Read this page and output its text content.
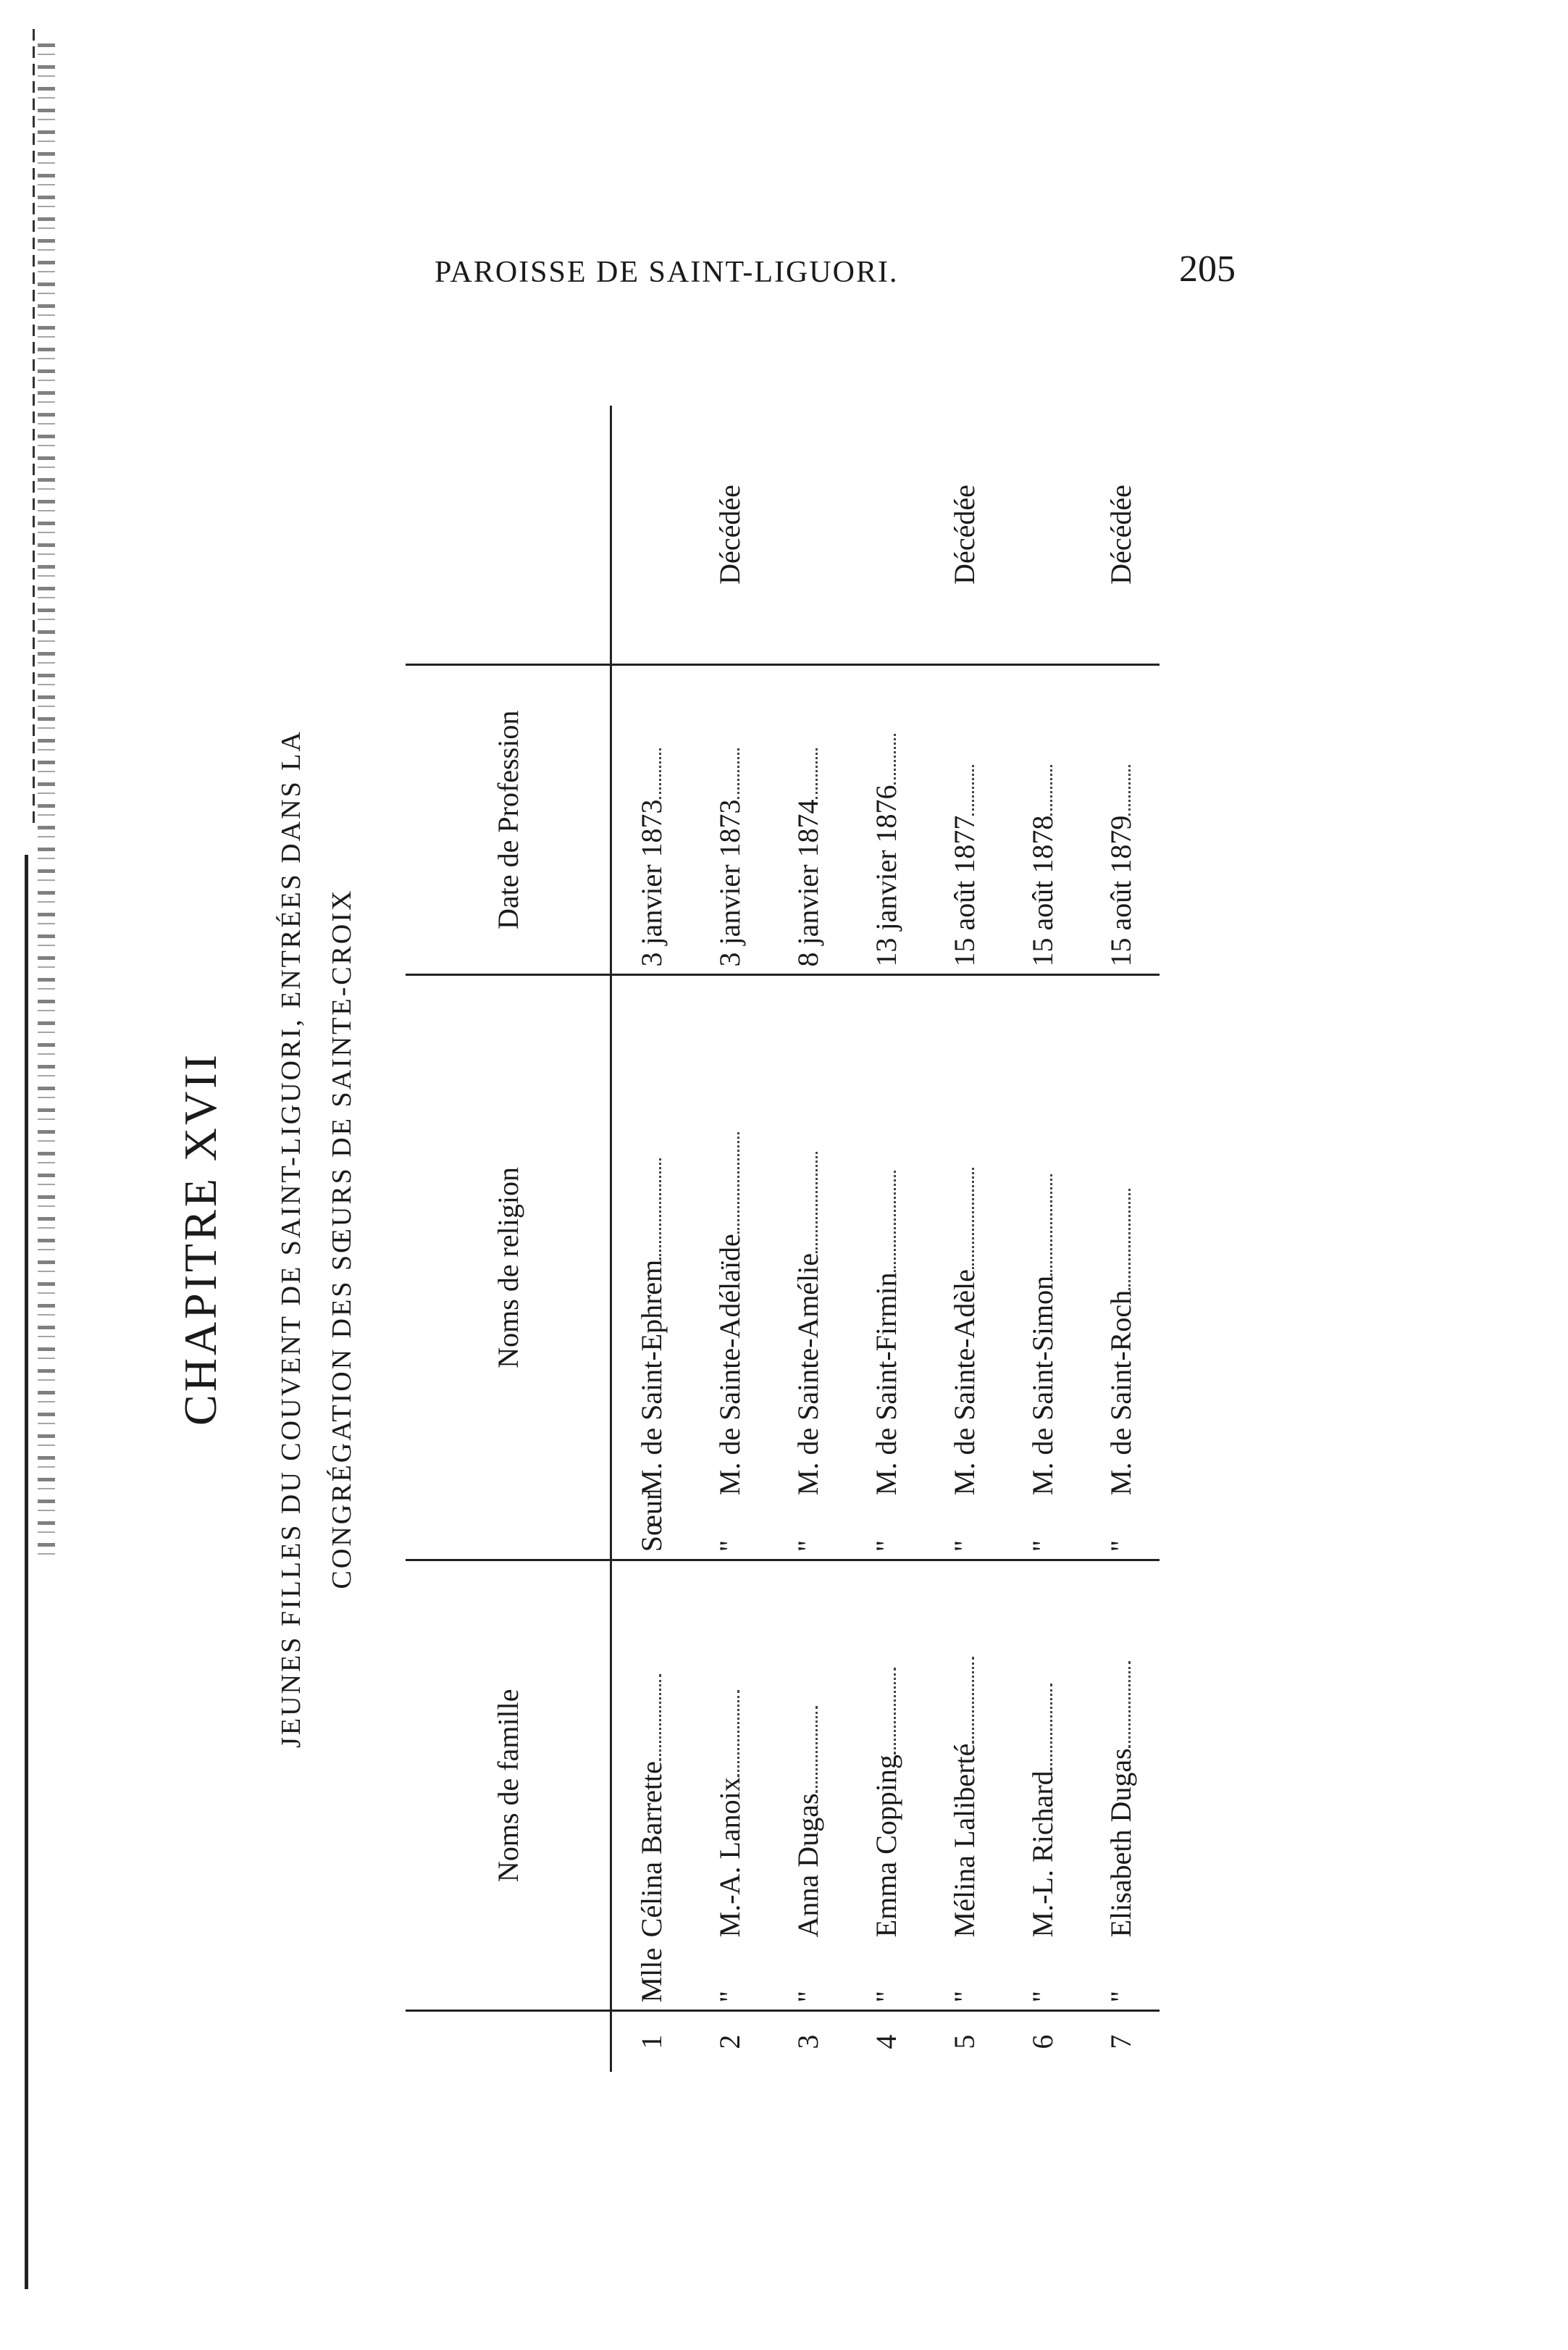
PAROISSE DE SAINT-LIGUORI.	205
CHAPITRE XVII JEUNES FILLES DU COUVENT DE SAINT-LIGUORI, ENTRÉES DANS LA CONGRÉGATION DES SŒURS DE SAINTE-CROIX
	Noms de famille	Noms de religion	Date de Profession	
1	MlleCélina Barrette	SœurM. de Saint-Ephrem	3 janvier 1873	
2	"M.-A. Lanoix	"M. de Sainte-Adélaïde	3 janvier 1873	Décédée
3	"Anna Dugas	"M. de Sainte-Amélie	8 janvier 1874	
4	"Emma Copping	"M. de Saint-Firmin	13 janvier 1876	
5	"Mélina Laliberté	"M. de Sainte-Adèle	15 août 1877	Décédée
6	"M.-L. Richard	"M. de Saint-Simon	15 août 1878	
7	"Elisabeth Dugas	"M. de Saint-Roch	15 août 1879	Décédée
